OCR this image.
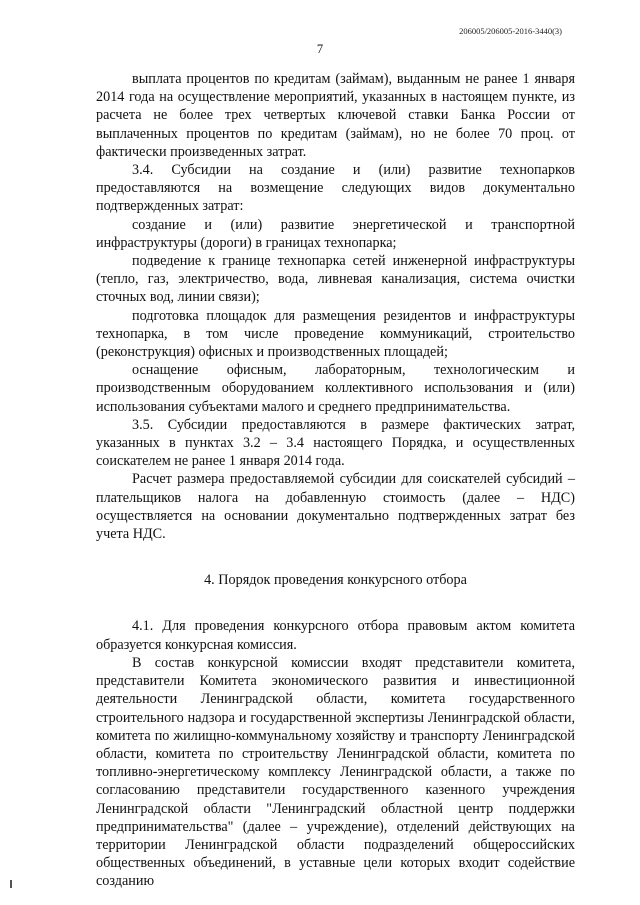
206005/206005-2016-3440(3)
7

выплата процентов по кредитам (займам), выданным не ранее 1 января 2014 года на осуществление мероприятий, указанных в настоящем пункте, из расчета не более трех четвертых ключевой ставки Банка России от выплаченных процентов по кредитам (займам), но не более 70 проц. от фактически произведенных затрат.

3.4. Субсидии на создание и (или) развитие технопарков предоставляются на возмещение следующих видов документально подтвержденных затрат:

создание и (или) развитие энергетической и транспортной инфраструктуры (дороги) в границах технопарка;

подведение к границе технопарка сетей инженерной инфраструктуры (тепло, газ, электричество, вода, ливневая канализация, система очистки сточных вод, линии связи);

подготовка площадок для размещения резидентов и инфраструктуры технопарка, в том числе проведение коммуникаций, строительство (реконструкция) офисных и производственных площадей;

оснащение офисным, лабораторным, технологическим и производственным оборудованием коллективного использования и (или) использования субъектами малого и среднего предпринимательства.

3.5. Субсидии предоставляются в размере фактических затрат, указанных в пунктах 3.2 – 3.4 настоящего Порядка, и осуществленных соискателем не ранее 1 января 2014 года.

Расчет размера предоставляемой субсидии для соискателей субсидий – плательщиков налога на добавленную стоимость (далее – НДС) осуществляется на основании документально подтвержденных затрат без учета НДС.

4. Порядок проведения конкурсного отбора

4.1. Для проведения конкурсного отбора правовым актом комитета образуется конкурсная комиссия.

В состав конкурсной комиссии входят представители комитета, представители Комитета экономического развития и инвестиционной деятельности Ленинградской области, комитета государственного строительного надзора и государственной экспертизы Ленинградской области, комитета по жилищно-коммунальному хозяйству и транспорту Ленинградской области, комитета по строительству Ленинградской области, комитета по топливно-энергетическому комплексу Ленинградской области, а также по согласованию представители государственного казенного учреждения Ленинградской области "Ленинградский областной центр поддержки предпринимательства" (далее – учреждение), отделений действующих на территории Ленинградской области подразделений общероссийских общественных объединений, в уставные цели которых входит содействие созданию
